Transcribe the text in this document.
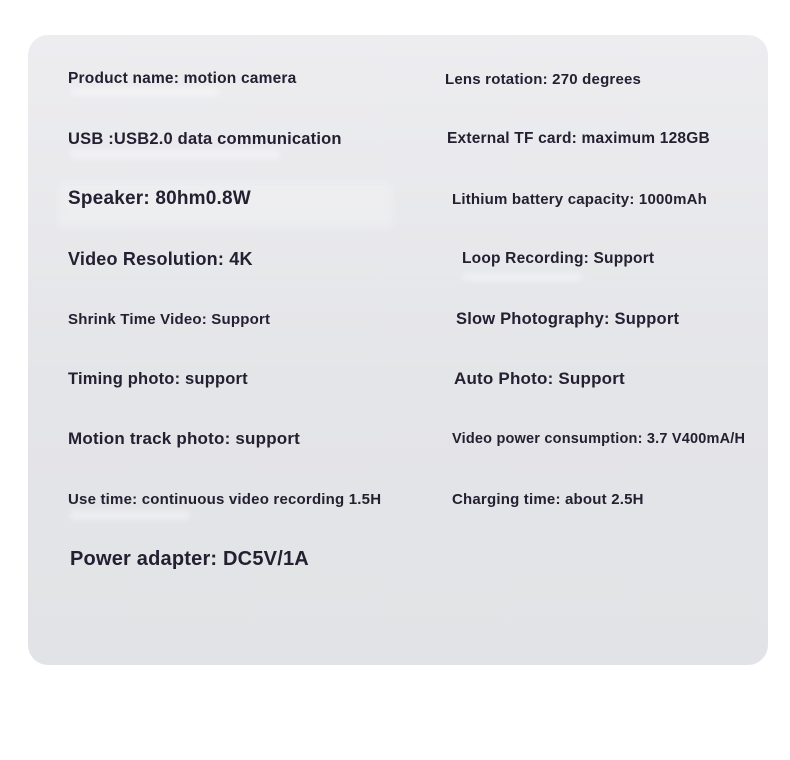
Product name: motion camera
USB :USB2.0 data communication
Speaker: 80hm0.8W
Video Resolution: 4K
Shrink Time Video: Support
Timing photo: support
Motion track photo: support
Use time: continuous video recording 1.5H
Power adapter: DC5V/1A
Lens rotation: 270 degrees
External TF card: maximum 128GB
Lithium battery capacity: 1000mAh
Loop Recording: Support
Slow Photography: Support
Auto Photo: Support
Video power consumption: 3.7 V400mA/H
Charging time: about 2.5H
